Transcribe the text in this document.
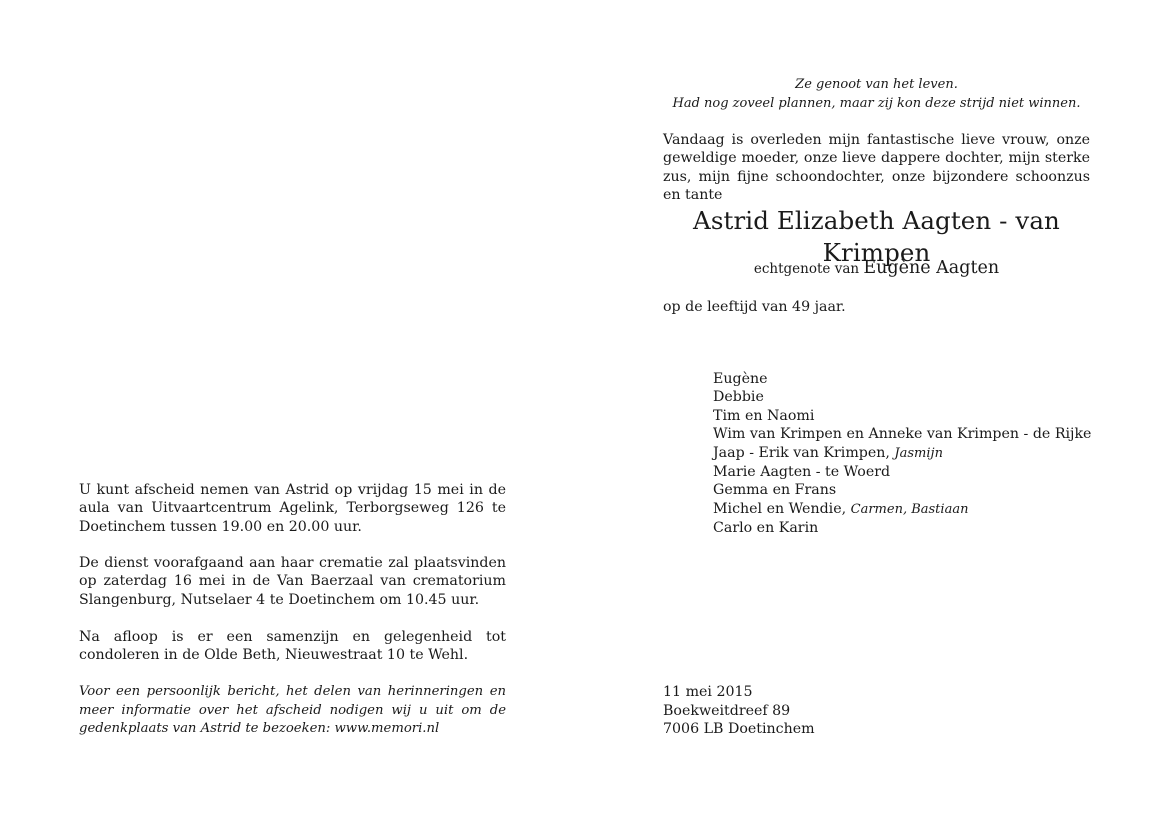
U kunt afscheid nemen van Astrid op vrijdag 15 mei in de aula van Uitvaartcentrum Agelink, Terborgseweg 126 te Doetinchem tussen 19.00 en 20.00 uur.

De dienst voorafgaand aan haar crematie zal plaatsvinden op zaterdag 16 mei in de Van Baerzaal van crematorium Slangenburg, Nutselaer 4 te Doetinchem om 10.45 uur.

Na afloop is er een samenzijn en gelegenheid tot condoleren in de Olde Beth, Nieuwestraat 10 te Wehl.

Voor een persoonlijk bericht, het delen van herinneringen en meer informatie over het afscheid nodigen wij u uit om de gedenkplaats van Astrid te bezoeken: www.memori.nl

Ze genoot van het leven.
Had nog zoveel plannen, maar zij kon deze strijd niet winnen.

Vandaag is overleden mijn fantastische lieve vrouw, onze geweldige moeder, onze lieve dappere dochter, mijn sterke zus, mijn fijne schoondochter, onze bijzondere schoonzus en tante

Astrid Elizabeth Aagten - van Krimpen
echtgenote van Eugène Aagten
op de leeftijd van 49 jaar.
Eugène
Debbie
Tim en Naomi
Wim van Krimpen en Anneke van Krimpen - de Rijke
Jaap - Erik van Krimpen, Jasmijn
Marie Aagten - te Woerd
Gemma en Frans
Michel en Wendie, Carmen, Bastiaan
Carlo en Karin
11 mei 2015
Boekweitdreef 89
7006 LB Doetinchem
